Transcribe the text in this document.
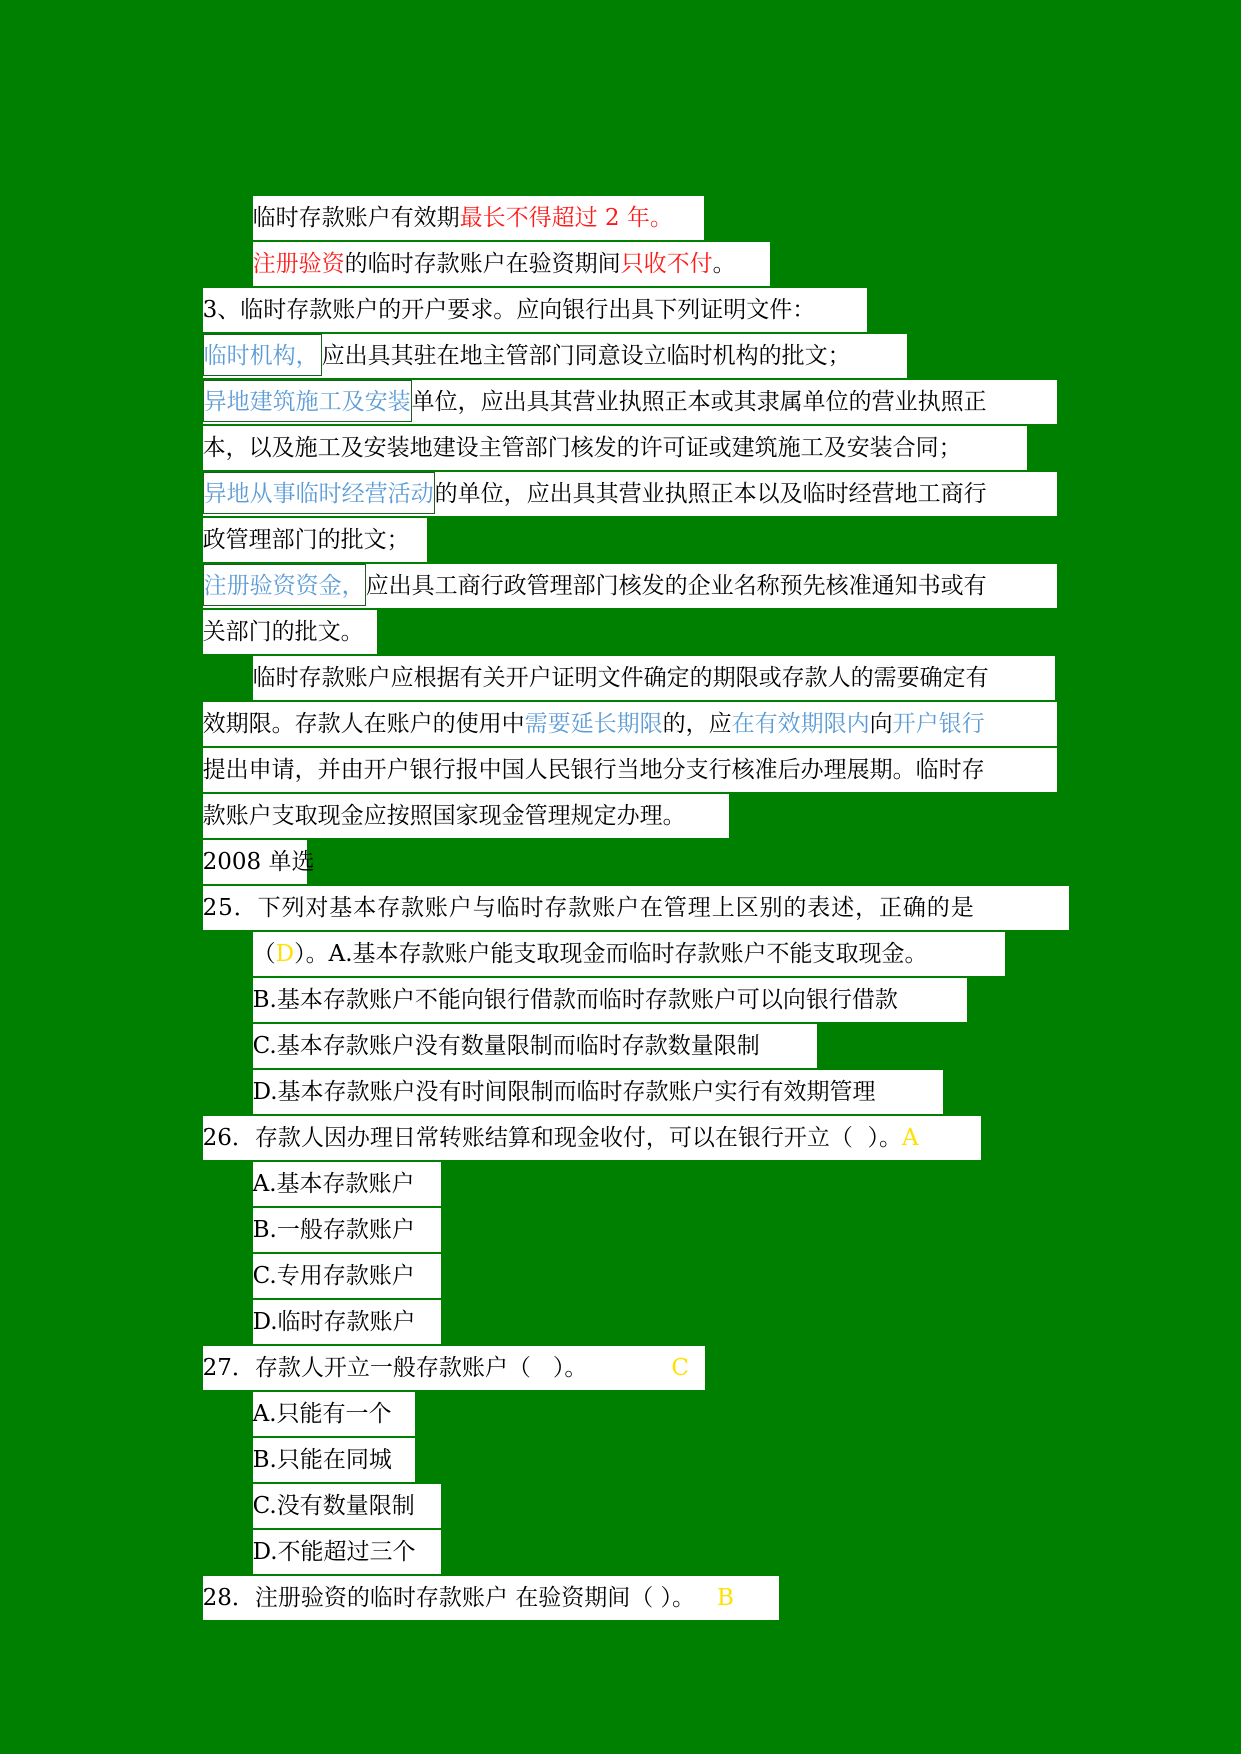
临时存款账户有效期最长不得超过 2 年。

注册验资的临时存款账户在验资期间只收不付。

3、临时存款账户的开户要求。应向银行出具下列证明文件：

临时机构， 应出具其驻在地主管部门同意设立临时机构的批文；

异地建筑施工及安装单位，应出具其营业执照正本或其隶属单位的营业执照正

本，以及施工及安装地建设主管部门核发的许可证或建筑施工及安装合同；

异地从事临时经营活动的单位，应出具其营业执照正本以及临时经营地工商行

政管理部门的批文；

注册验资资金，应出具工商行政管理部门核发的企业名称预先核准通知书或有

关部门的批文。

临时存款账户应根据有关开户证明文件确定的期限或存款人的需要确定有

效期限。存款人在账户的使用中需要延长期限的，应在有效期限内向开户银行

提出申请，并由开户银行报中国人民银行当地分支行核准后办理展期。临时存

款账户支取现金应按照国家现金管理规定办理。

2008 单选

25．下列对基本存款账户与临时存款账户在管理上区别的表述，正确的是

（D）。A.基本存款账户能支取现金而临时存款账户不能支取现金。

B.基本存款账户不能向银行借款而临时存款账户可以向银行借款

C.基本存款账户没有数量限制而临时存款数量限制

D.基本存款账户没有时间限制而临时存款账户实行有效期管理

26．存款人因办理日常转账结算和现金收付，可以在银行开立（  ）。A

A.基本存款账户

B.一般存款账户

C.专用存款账户

D.临时存款账户

27．存款人开立一般存款账户（   ）。	C

A.只能有一个

B.只能在同城

C.没有数量限制

D.不能超过三个

28．注册验资的临时存款账户 在验资期间（ ）。 B
